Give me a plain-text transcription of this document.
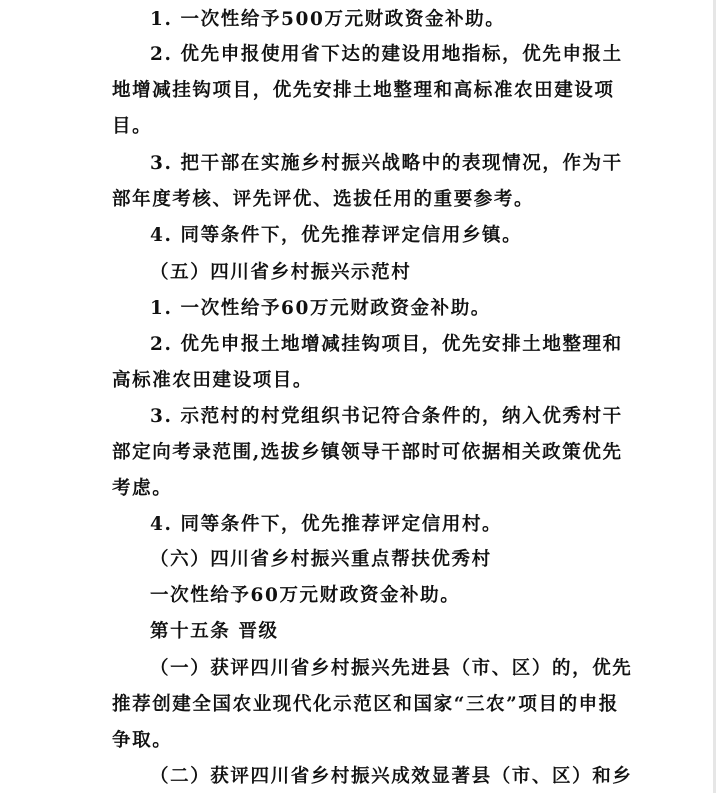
1. 一次性给予500万元财政资金补助。
2. 优先申报使用省下达的建设用地指标，优先申报土
地增减挂钩项目，优先安排土地整理和高标准农田建设项
目。
3. 把干部在实施乡村振兴战略中的表现情况，作为干
部年度考核、评先评优、选拔任用的重要参考。
4. 同等条件下，优先推荐评定信用乡镇。
（五）四川省乡村振兴示范村
1. 一次性给予60万元财政资金补助。
2. 优先申报土地增减挂钩项目，优先安排土地整理和
高标准农田建设项目。
3. 示范村的村党组织书记符合条件的，纳入优秀村干
部定向考录范围,选拔乡镇领导干部时可依据相关政策优先
考虑。
4. 同等条件下，优先推荐评定信用村。
（六）四川省乡村振兴重点帮扶优秀村
一次性给予60万元财政资金补助。
第十五条 晋级
（一）获评四川省乡村振兴先进县（市、区）的，优先
推荐创建全国农业现代化示范区和国家“三农”项目的申报
争取。
（二）获评四川省乡村振兴成效显著县（市、区）和乡
